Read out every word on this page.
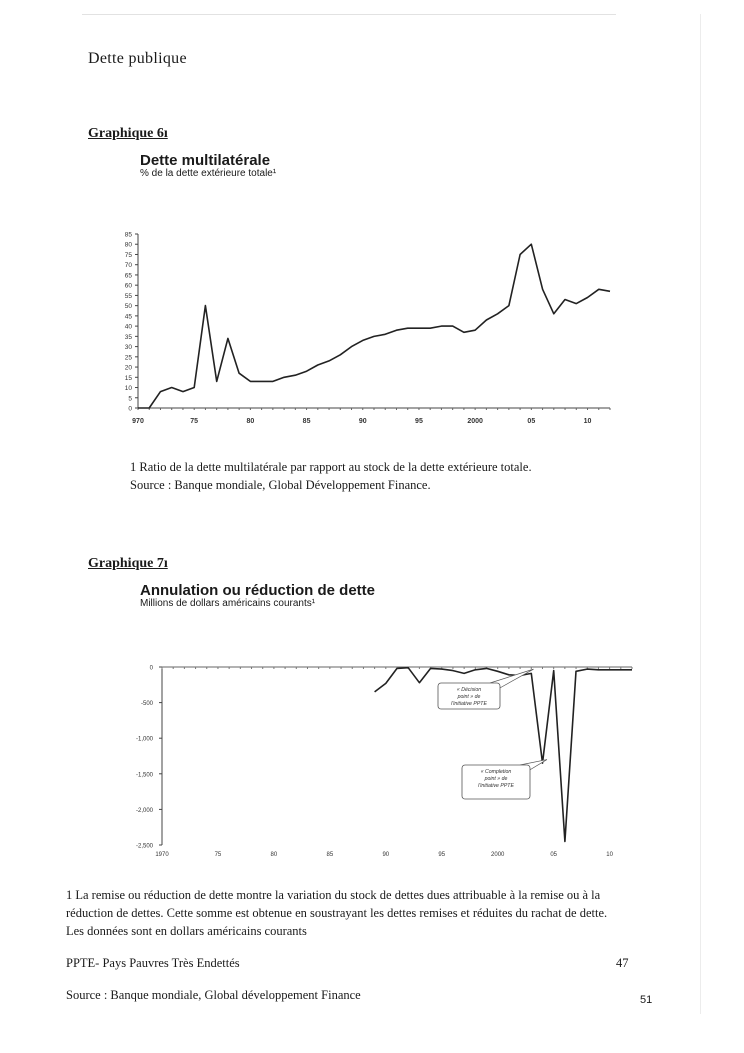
Dette publique
Graphique 6ı
Dette multilatérale
% de la dette extérieure totale¹
0
5
10
15
20
25
30
35
40
45
50
55
60
65
70
75
80
85
970	75	80	85	90	95	2000	05	10
1 Ratio de la dette multilatérale par rapport au stock de la dette extérieure totale.
Source : Banque mondiale, Global Développement Finance.
Graphique 7ı
Annulation ou réduction de dette
Millions de dollars américains courants¹
0
-500
-1,000
-1,500
-2,000
-2,500
1970	75	80	85	90	95	2000	05	10
« Décision
point » de
l'initiative PPTE
« Completion
point » de
l'initiative PPTE
1 La remise ou réduction de dette montre la variation du stock de dettes dues attribuable à la remise ou à la
réduction de dettes. Cette somme est obtenue en soustrayant les dettes remises et réduites du rachat de dette.
Les données sont en dollars américains courants
PPTE- Pays Pauvres Très Endettés	47
Source : Banque mondiale, Global développement Finance	51
